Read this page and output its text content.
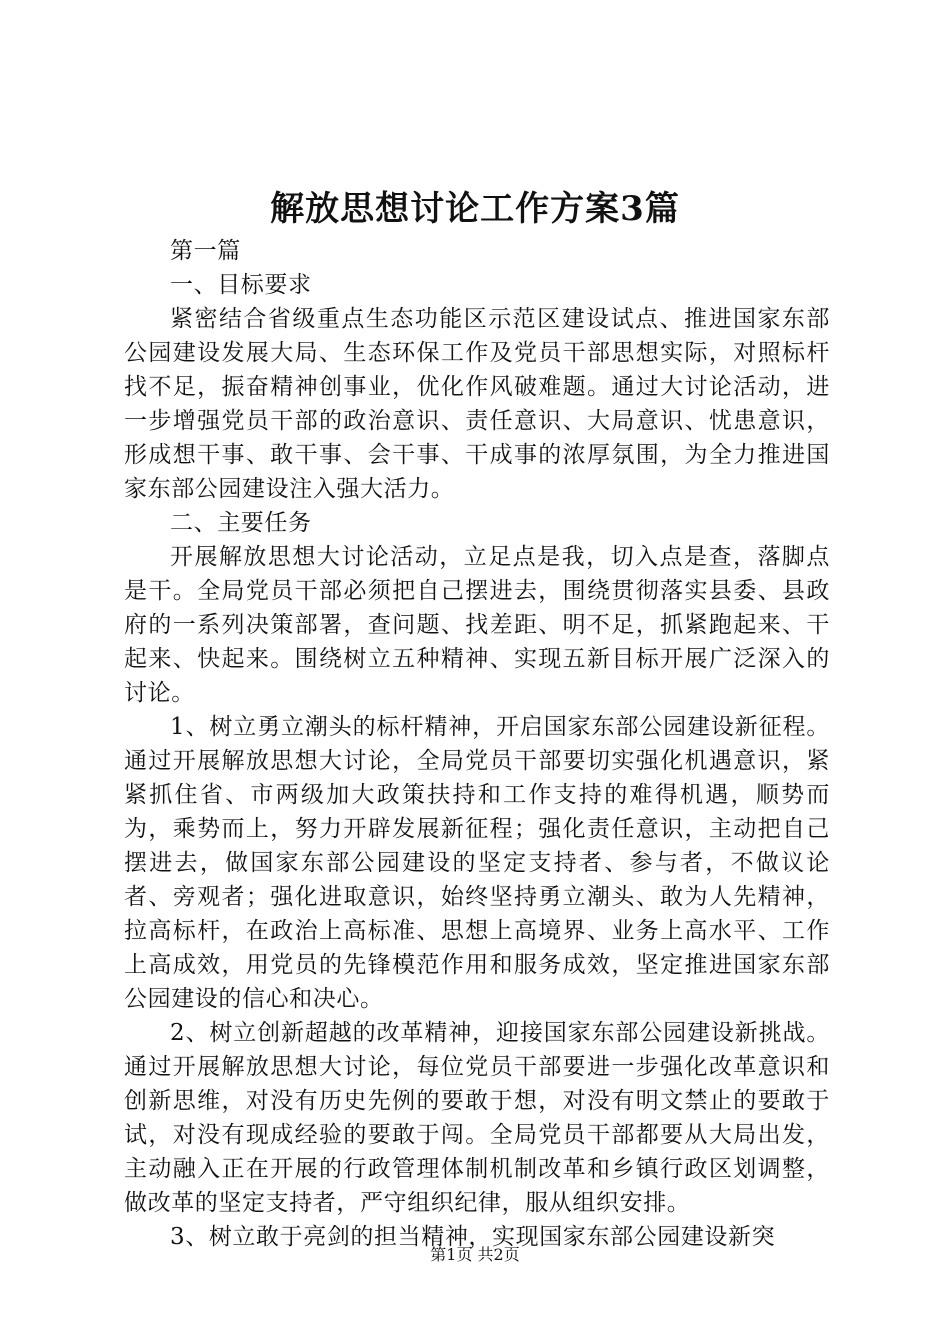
解放思想讨论工作方案3篇

第一篇

一、目标要求

紧密结合省级重点生态功能区示范区建设试点、推进国家东部公园建设发展大局、生态环保工作及党员干部思想实际，对照标杆找不足，振奋精神创事业，优化作风破难题。通过大讨论活动，进一步增强党员干部的政治意识、责任意识、大局意识、忧患意识，形成想干事、敢干事、会干事、干成事的浓厚氛围，为全力推进国家东部公园建设注入强大活力。

二、主要任务

开展解放思想大讨论活动，立足点是我，切入点是查，落脚点是干。全局党员干部必须把自己摆进去，围绕贯彻落实县委、县政府的一系列决策部署，查问题、找差距、明不足，抓紧跑起来、干起来、快起来。围绕树立五种精神、实现五新目标开展广泛深入的讨论。

1、树立勇立潮头的标杆精神，开启国家东部公园建设新征程。通过开展解放思想大讨论，全局党员干部要切实强化机遇意识，紧紧抓住省、市两级加大政策扶持和工作支持的难得机遇，顺势而为，乘势而上，努力开辟发展新征程；强化责任意识，主动把自己摆进去，做国家东部公园建设的坚定支持者、参与者，不做议论者、旁观者；强化进取意识，始终坚持勇立潮头、敢为人先精神，拉高标杆，在政治上高标准、思想上高境界、业务上高水平、工作上高成效，用党员的先锋模范作用和服务成效，坚定推进国家东部公园建设的信心和决心。

2、树立创新超越的改革精神，迎接国家东部公园建设新挑战。通过开展解放思想大讨论，每位党员干部要进一步强化改革意识和创新思维，对没有历史先例的要敢于想，对没有明文禁止的要敢于试，对没有现成经验的要敢于闯。全局党员干部都要从大局出发，主动融入正在开展的行政管理体制机制改革和乡镇行政区划调整，做改革的坚定支持者，严守组织纪律，服从组织安排。

3、树立敢于亮剑的担当精神，实现国家东部公园建设新突

第1页 共2页
